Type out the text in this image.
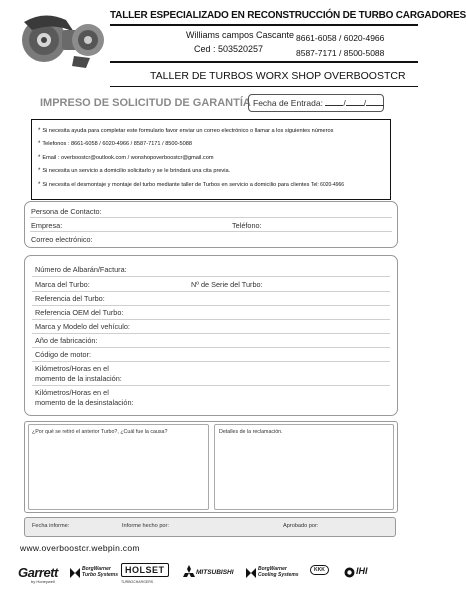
TALLER ESPECIALIZADO EN RECONSTRUCCIÓN DE TURBO CARGADORES
Williams campos Cascante
Ced : 503520257
8661-6058 / 6020-4966
8587-7171 / 8500-5088
TALLER DE TURBOS WORX SHOP OVERBOOSTCR
IMPRESO DE SOLICITUD DE GARANTÍA Fecha de Entrada: / /
* Si necesita ayuda para completar este formulario favor enviar un correo electrónico o llamar a los siguientes números
* Telefonos : 8661-6058 / 6020-4966 / 8587-7171 / 8500-5088
* Email : overboostcr@outlook.com / wonshopoverboostcr@gmail.com
* Si necesita un servicio a domicilio solicitarlo y se le brindará una cita previa.
* Si necesita el desmontaje y montaje del turbo mediante taller de Turbos en servicio a domicilio para clientes Tel: 6020-4966
Persona de Contacto:
Empresa:	Teléfono:
Correo electrónico:
Número de Albarán/Factura:
Marca del Turbo:	Nº de Serie del Turbo:
Referencia del Turbo:
Referencia OEM del Turbo:
Marca y Modelo del vehículo:
Año de fabricación:
Código de motor:
Kilómetros/Horas en el
momento de la instalación:
Kilómetros/Horas en el
momento de la desinstalación:
¿Por qué se retiró el anterior Turbo?, ¿Cuál fue la causa?	Detalles de la reclamación.
Fecha informe:	Informe hecho por:	Aprobado por:
www.overboostcr.webpin.com
Garrett
by Honeywell
BorgWarner
Turbo Systems HOLSET
TURBOCHARGERS
MITSUBISHI	BorgWarner
Cooling Systems
KKK	IHI
